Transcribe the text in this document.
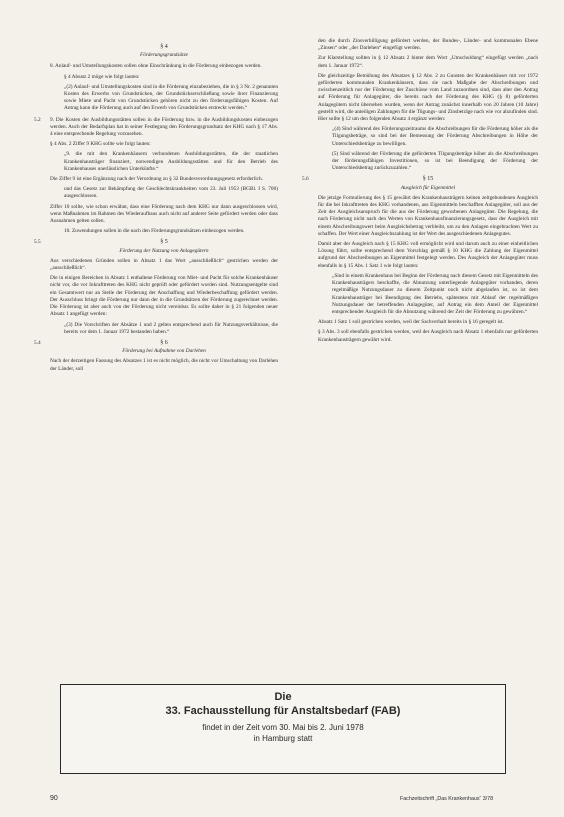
§ 4
Förderungsgrundsätze

8. Anlauf- und Umstellungskosten sollen ohne Einschränkung in die Förderung einbezogen werden.

§ 4 Absatz 2 möge wie folgt lauten:

„(2) Anlauf- und Umstellungskosten sind in die Förderung einzubeziehen, die in § 3 Nr. 2 genannten Kosten des Erwerbs von Grundstücken, der Grundstückserschließung sowie ihrer Finanzierung sowie Miete und Pacht von Grundstücken gehören nicht zu den förderungsfähigen Kosten. Auf Antrag kann die Förderung auch auf den Erwerb von Grundstücken erstreckt werden.“

5.2 9. Die Kosten der Ausbildungsstätten sollen in die Förderung bzw. in die Ausbildungskosten einbezogen werden. Auch der Bedarfsplan hat in seiner Festlegung den Förderungsgrundsatz der KHG nach § 17 Abs. 4 eine entsprechende Regelung vorzusehen.

§ 4 Abs. 2 Ziffer 9 KHG sollte wie folgt lauten:

„9. die mit den Krankenhäusern verbundenen Ausbildungsstätten, die der staatlichen Krankenhausträger finanziert, notwendigen Ausbildungsstätten und für den Betrieb des Krankenhauses unerlässlichen Unterkünfte.“

Die Ziffer 9 ist eine Ergänzung nach der Verordnung zu § 32 Bundesverordnungsgesetz erforderlich.

und das Gesetz zur Bekämpfung der Geschlechtskrankheiten vom 23. Juli 1953 (BGBl. I S. 700) ausgeschlossen.

Ziffer 10 sollte, wie schon erwähnt, dass eine Förderung nach dem KHG nur dann ausgeschlossen wird, wenn Maßnahmen im Rahmen des Wiederaufbaus auch nicht auf anderer Seite gefördert werden oder dass Ausnahmen gelten sollen.

10. Zuwendungen sollen in die nach den Förderungsgrundsätzen einbezogen werden.

5.5	§ 5
Förderung der Nutzung von Anlagegütern

Aus verschiedenen Gründen sollen in Absatz 1 das Wort „ausschließlich“ gestrichen werden der „ausschließlich“.

Die in einigen Bereichen in Absatz 1 enthaltene Förderung von Miet- und Pacht für solche Krankenhäuser nicht vor, die vor Inkrafttreten des KHG nicht geprüft oder gefördert worden sind. Nutzungsentgelte sind ein Gesamtwert nur an Stelle der Förderung der Anschaffung und Wiederbeschaffung gefördert werden. Der Ausschluss bringt die Förderung nur dann der in die Grundsätzen der Förderung zugerechnet werden. Die Förderung ist aber auch von der Förderung nicht vereinbar. Es sollte daher in § 21 folgenden neuer Absatz 1 angefügt werden:

„(3) Die Vorschriften der Absätze 1 und 2 gelten entsprechend auch für Nutzungsverhältnisse, die bereits vor dem 1. Januar 1972 bestanden haben.“

5.4	§ 6
Förderung bei Aufnahme von Darlehen

Nach der derzeitigen Fassung des Absatzes 1 ist es nicht möglich, die nicht vor Umschaltung von Darlehen der Länder, soll

den die durch Zinsverbilligung gefördert werden, der Bundes-, Länder- und kommunalen Ebene „Zinsen“ oder „der Darlehen“ eingefügt werden.

Zur Klarstellung sollten in § 12 Absatz 2 hinter dem Wort „Umschuldung“ eingefügt werden „nach dem 1. Januar 1972“.

Die gleichzeitige Bemühung des Absatzes § 12 Abs. 2 zu Gunsten der Krankenhäuser mit vor 1972 geförderten kommunalen Krankenhäusern, dass sie nach Maßgabe der Abschreibungen und zwischenzeitlich nur der Förderung der Zuschüsse vom Land zuzuordnen sind, dass aber den Antrag auf Förderung für Anlagegüter, die bereits nach der Förderung des KHG (§ 8) geförderten Anlagegütern nicht übersehen wurden, wenn der Antrag zunächst innerhalb von 20 Jahren (10 Jahre) gestellt wird, die anteiligen Zahlungen für die Tilgungs- und Zinsbeträge nach wie vor abzufinden sind. Hier sollte § 12 um den folgenden Absatz 4 ergänzt werden:

„(4) Sind während des Förderungszeitraums die Abschreibungen für die Förderung höher als die Tilgungsbeträge, so sind bei der Bemessung der Förderung Abschreibungen in Höhe der Unterschiedsbeträge zu bewilligen.

(5) Sind während der Förderung die geförderten Tilgungsbeträge höher als die Abschreibungen der förderungsfähigen Investitionen, so ist bei Beendigung der Förderung der Unterschiedsbetrag zurückzuzahlen.“

5.6	§ 15
Ausgleich für Eigenmittel

Die jetzige Formulierung des § 15 gewährt den Krankenhausträgern keinen zeitgebundenen Ausgleich für die bei Inkrafttreten des KHG vorhandenen, aus Eigenmitteln beschafften Anlagegüter, soll aus der Zeit der Ausgleichsanspruch für die aus der Förderung geworbenen Anlagegüter. Die Regelung, die nach Förderung nicht nach den Werten von Krankenhausfinanzierungsgesetz, dass der Ausgleich mit einem Abschreibungswert beim Ausgleichsbetrag verbleibt, um zu den Anlagen eingebrachten Wert zu schaffen. Der Wert einer Ausgleichszahlung ist der Wert des ausgeschiedenen Anlagegutes.

Damit aber der Ausgleich nach § 15 KHG voll ermöglicht wird und darum auch zu einer einheitlichen Lösung führt, sollte entsprechend dem Vorschlag gemäß § 10 KHG die Zahlung der Eigenmittel aufgrund der Abschreibungen an Eigenmittel festgelegt werden. Des Ausgleich der Anlagegüter muss ebenfalls in § 15 Abs. 1 Satz 1 wie folgt lauten:

„Sind in einem Krankenhaus bei Beginn der Förderung nach diesem Gesetz mit Eigenmitteln des Krankenhausträgers beschaffte, die Abnutzung unterliegende Anlagegüter vorhanden, deren regelmäßige Nutzungsdauer zu diesem Zeitpunkt noch nicht abgelaufen ist, so ist dem Krankenhausträger bei Beendigung des Betriebs, spätestens mit Ablauf der regelmäßigen Nutzungsdauer der betreffenden Anlagegüter, auf Antrag ein dem Anteil der Eigenmittel entsprechender Ausgleich für die Abnutzung während der Zeit der Förderung zu gewähren.“

Absatz 1 Satz 1 soll gestrichen werden, weil der Sachverhalt bereits in § 16 geregelt ist.

§ 3 Abs. 3 soll ebenfalls gestrichen werden, weil der Ausgleich nach Absatz 1 ebenfalls nur geförderten Krankenhausträgern gewährt wird.

Die
33. Fachausstellung für Anstaltsbedarf (FAB)
findet in der Zeit vom 30. Mai bis 2. Juni 1978
in Hamburg statt
90	Fachzeitschrift „Das Krankenhaus“ 3/78
